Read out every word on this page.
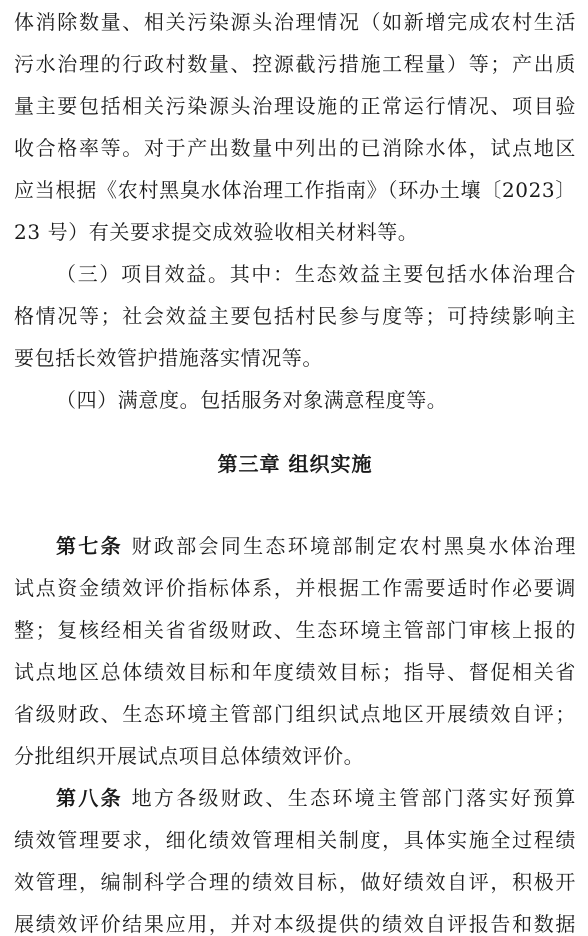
体消除数量、相关污染源头治理情况（如新增完成农村生活
污水治理的行政村数量、控源截污措施工程量）等；产出质
量主要包括相关污染源头治理设施的正常运行情况、项目验
收合格率等。对于产出数量中列出的已消除水体，试点地区
应当根据《农村黑臭水体治理工作指南》（环办土壤〔2023〕
23 号）有关要求提交成效验收相关材料等。
（三）项目效益。其中：生态效益主要包括水体治理合
格情况等；社会效益主要包括村民参与度等；可持续影响主
要包括长效管护措施落实情况等。
（四）满意度。包括服务对象满意程度等。
第三章 组织实施
第七条 财政部会同生态环境部制定农村黑臭水体治理
试点资金绩效评价指标体系，并根据工作需要适时作必要调
整；复核经相关省省级财政、生态环境主管部门审核上报的
试点地区总体绩效目标和年度绩效目标；指导、督促相关省
省级财政、生态环境主管部门组织试点地区开展绩效自评；
分批组织开展试点项目总体绩效评价。
第八条 地方各级财政、生态环境主管部门落实好预算
绩效管理要求，细化绩效管理相关制度，具体实施全过程绩
效管理，编制科学合理的绩效目标，做好绩效自评，积极开
展绩效评价结果应用，并对本级提供的绩效自评报告和数据
